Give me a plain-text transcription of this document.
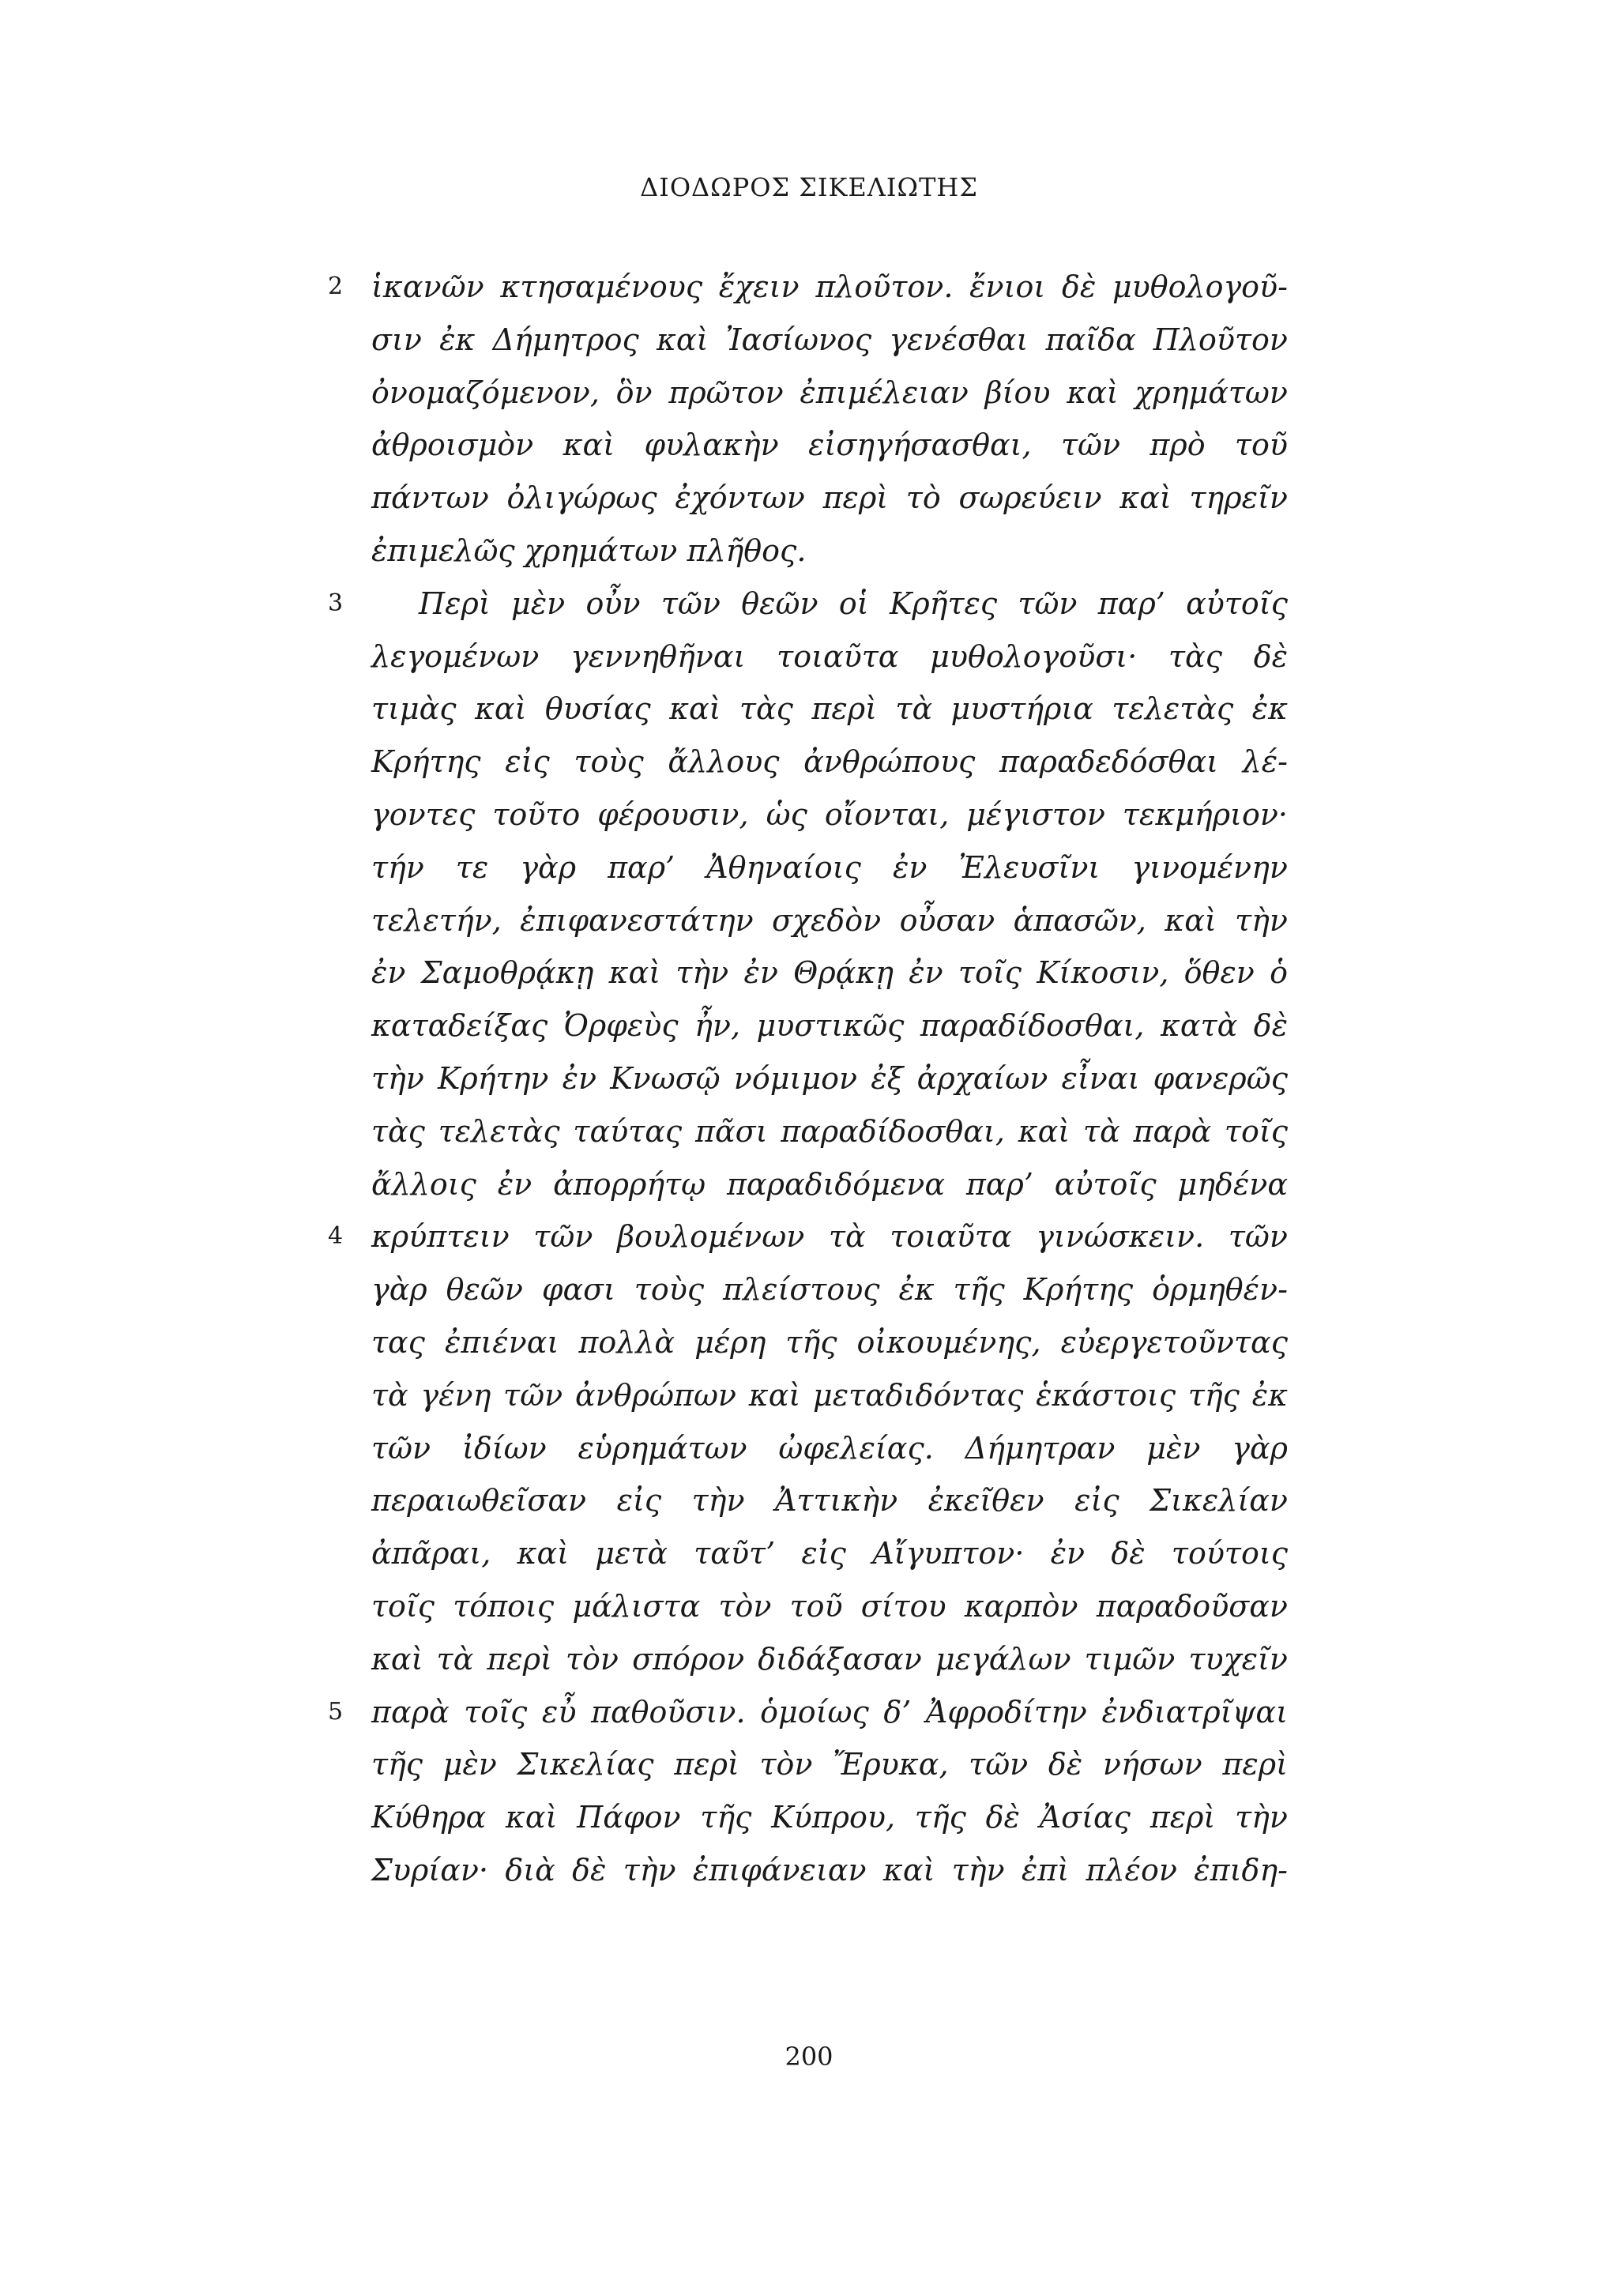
ΔΙΟΔΩΡΟΣ ΣΙΚΕΛΙΩΤΗΣ
2 ἱκανῶν κτησαμένους ἔχειν πλοῦτον. ἔνιοι δὲ μυθολογοῦ-
σιν ἐκ Δήμητρος καὶ Ἰασίωνος γενέσθαι παῖδα Πλοῦτον
ὀνομαζόμενον, ὃν πρῶτον ἐπιμέλειαν βίου καὶ χρημάτων
ἀθροισμὸν καὶ φυλακὴν εἰσηγήσασθαι, τῶν πρὸ τοῦ
πάντων ὀλιγώρως ἐχόντων περὶ τὸ σωρεύειν καὶ τηρεῖν
ἐπιμελῶς χρημάτων πλῆθος.
3	Περὶ μὲν οὖν τῶν θεῶν οἱ Κρῆτες τῶν παρ’ αὐτοῖς
λεγομένων γεννηθῆναι τοιαῦτα μυθολογοῦσι· τὰς δὲ
τιμὰς καὶ θυσίας καὶ τὰς περὶ τὰ μυστήρια τελετὰς ἐκ
Κρήτης εἰς τοὺς ἄλλους ἀνθρώπους παραδεδόσθαι λέ-
γοντες τοῦτο φέρουσιν, ὡς οἴονται, μέγιστον τεκμήριον·
τήν τε γὰρ παρ’ Ἀθηναίοις ἐν Ἐλευσῖνι γινομένην
τελετήν, ἐπιφανεστάτην σχεδὸν οὖσαν ἁπασῶν, καὶ τὴν
ἐν Σαμοθρᾴκῃ καὶ τὴν ἐν Θρᾴκῃ ἐν τοῖς Κίκοσιν, ὅθεν ὁ
καταδείξας Ὀρφεὺς ἦν, μυστικῶς παραδίδοσθαι, κατὰ δὲ
τὴν Κρήτην ἐν Κνωσῷ νόμιμον ἐξ ἀρχαίων εἶναι φανερῶς
τὰς τελετὰς ταύτας πᾶσι παραδίδοσθαι, καὶ τὰ παρὰ τοῖς
ἄλλοις ἐν ἀπορρήτῳ παραδιδόμενα παρ’ αὐτοῖς μηδένα
4 κρύπτειν τῶν βουλομένων τὰ τοιαῦτα γινώσκειν. τῶν
γὰρ θεῶν φασι τοὺς πλείστους ἐκ τῆς Κρήτης ὁρμηθέν-
τας ἐπιέναι πολλὰ μέρη τῆς οἰκουμένης, εὐεργετοῦντας
τὰ γένη τῶν ἀνθρώπων καὶ μεταδιδόντας ἑκάστοις τῆς ἐκ
τῶν ἰδίων εὑρημάτων ὠφελείας. Δήμητραν μὲν γὰρ
περαιωθεῖσαν εἰς τὴν Ἀττικὴν ἐκεῖθεν εἰς Σικελίαν
ἀπᾶραι, καὶ μετὰ ταῦτ’ εἰς Αἴγυπτον· ἐν δὲ τούτοις
τοῖς τόποις μάλιστα τὸν τοῦ σίτου καρπὸν παραδοῦσαν
καὶ τὰ περὶ τὸν σπόρον διδάξασαν μεγάλων τιμῶν τυχεῖν
5 παρὰ τοῖς εὖ παθοῦσιν. ὁμοίως δ’ Ἀφροδίτην ἐνδιατρῖψαι
τῆς μὲν Σικελίας περὶ τὸν Ἔρυκα, τῶν δὲ νήσων περὶ
Κύθηρα καὶ Πάφον τῆς Κύπρου, τῆς δὲ Ἀσίας περὶ τὴν
Συρίαν· διὰ δὲ τὴν ἐπιφάνειαν καὶ τὴν ἐπὶ πλέον ἐπιδη-
200
